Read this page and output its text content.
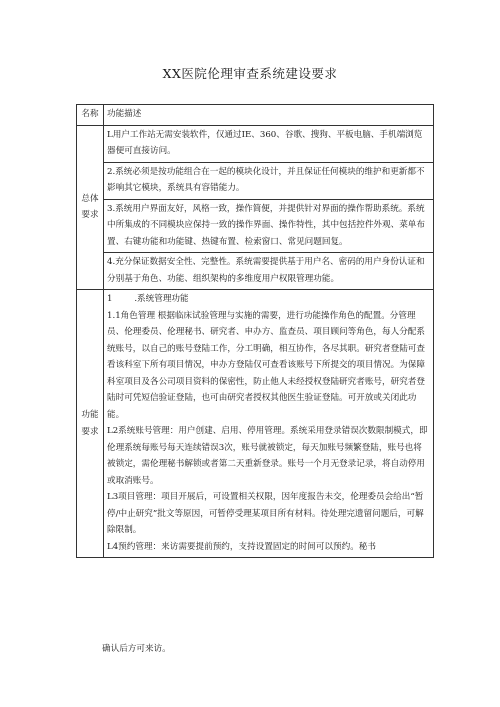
XX医院伦理审查系统建设要求
名称	功能描述
总体要求	L用户工作站无需安装软件，仅通过IE、360、谷歌、搜狗、平板电脑、手机端浏览器便可直接访问。
	2.系统必须是按功能组合在一起的模块化设计，并且保证任何模块的维护和更新都不影响其它模块，系统具有容错能力。
	3.系统用户界面友好，风格一致，操作简便，并提供针对界面的操作帮助系统。系统中所集成的不同模块应保持一致的操作界面、操作特性，其中包括控件外观、菜单布置、右键功能和功能键、热键布置、检索窗口、常见问题回复。
	4.充分保证数据安全性、完整性。系统需要提供基于用户名、密码的用户身份认证和分别基于角色、功能、组织架构的多维度用户权限管理功能。
功能要求	1 .系统管理功能
1.1角色管理 根据临床试验管理与实施的需要，进行功能操作角色的配置。分管理员、伦理委员、伦理秘书、研究者、申办方、监查员、项目顾问等角色，每人分配系统账号，以自己的账号登陆工作，分工明确，相互协作，各尽其职。研究者登陆可查看该科室下所有项目情况，申办方登陆仅可查看该账号下所提交的项目情况。为保障科室项目及各公司项目资料的保密性，防止他人未经授权登陆研究者账号，研究者登陆时可凭短信验证登陆，也可由研究者授权其他医生验证登陆。可开放或关闭此功能。
L2系统账号管理：用户创建、启用、停用管理。系统采用登录错误次数限制模式，即伦理系统每账号每天连续错误3次，账号就被锁定，每天加账号频繁登陆，账号也将被锁定，需伦理秘书解锁或者第二天重新登录。账号一个月无登录记录，将自动停用或取消账号。
L3项目管理：项目开展后，可设置相关权限，因年度报告未交，伦理委员会给出“暂停/中止研究”批文等原因，可暂停受理某项目所有材料。待处理完遗留问题后，可解除限制。
L4预约管理：来访需要提前预约，支持设置固定的时间可以预约。秘书
确认后方可来访。
